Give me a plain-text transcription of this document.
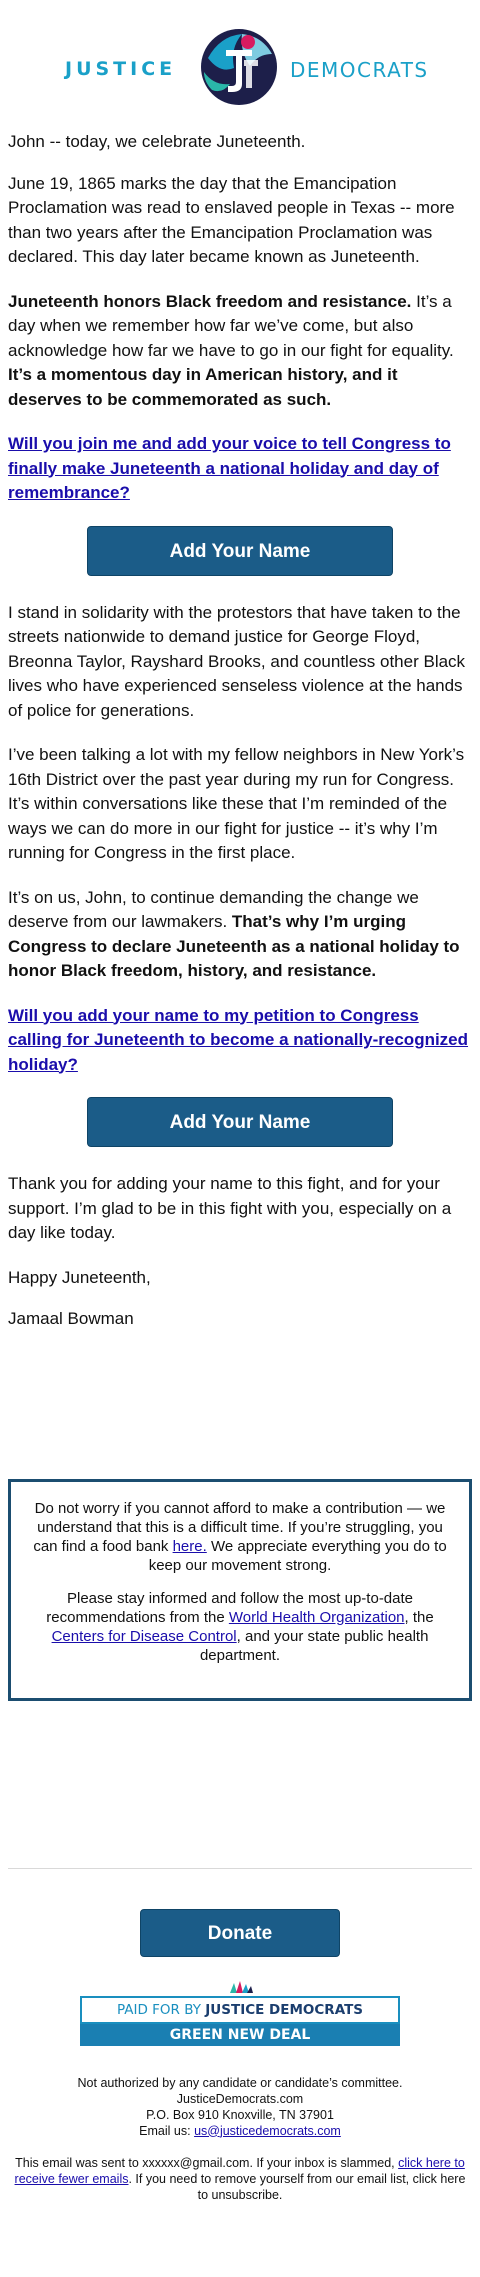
JUSTICE	DEMOCRATS

John -- today, we celebrate Juneteenth.

June 19, 1865 marks the day that the Emancipation Proclamation was read to enslaved people in Texas -- more than two years after the Emancipation Proclamation was declared. This day later became known as Juneteenth.

Juneteenth honors Black freedom and resistance. It’s a day when we remember how far we’ve come, but also acknowledge how far we have to go in our fight for equality. It’s a momentous day in American history, and it deserves to be commemorated as such.

Will you join me and add your voice to tell Congress to finally make Juneteenth a national holiday and day of remembrance?

Add Your Name

I stand in solidarity with the protestors that have taken to the streets nationwide to demand justice for George Floyd, Breonna Taylor, Rayshard Brooks, and countless other Black lives who have experienced senseless violence at the hands of police for generations.

I’ve been talking a lot with my fellow neighbors in New York’s 16th District over the past year during my run for Congress. It’s within conversations like these that I’m reminded of the ways we can do more in our fight for justice -- it’s why I’m running for Congress in the first place.

It’s on us, John, to continue demanding the change we deserve from our lawmakers. That’s why I’m urging Congress to declare Juneteenth as a national holiday to honor Black freedom, history, and resistance.

Will you add your name to my petition to Congress calling for Juneteenth to become a nationally-recognized holiday?

Add Your Name

Thank you for adding your name to this fight, and for your support. I’m glad to be in this fight with you, especially on a day like today.

Happy Juneteenth,

Jamaal Bowman

Do not worry if you cannot afford to make a contribution — we understand that this is a difficult time. If you’re struggling, you can find a food bank here. We appreciate everything you do to keep our movement strong.

Please stay informed and follow the most up-to-date recommendations from the World Health Organization, the Centers for Disease Control, and your state public health department.

Donate
PAID FOR BY JUSTICE DEMOCRATS
GREEN NEW DEAL
Not authorized by any candidate or candidate’s committee.
JusticeDemocrats.com
P.O. Box 910 Knoxville, TN 37901
Email us: us@justicedemocrats.com
This email was sent to xxxxxx@gmail.com. If your inbox is slammed, click here to receive fewer emails. If you need to remove yourself from our email list, click here to unsubscribe.
